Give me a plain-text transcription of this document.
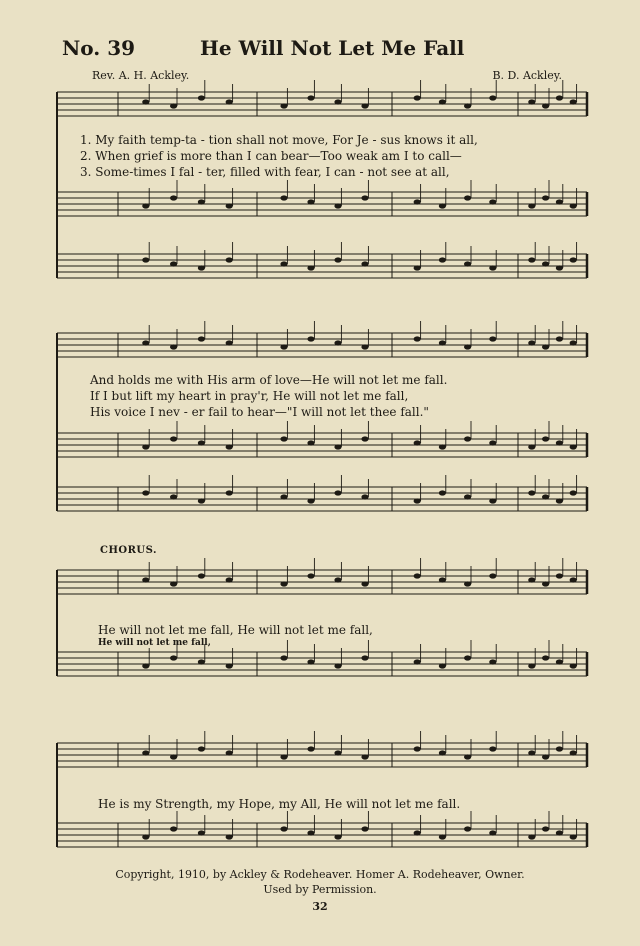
No. 39	He Will Not Let Me Fall
Rev. A. H. Ackley.	B. D. Ackley.
1. My faith temp-ta - tion shall not move, For Je - sus knows it all,
2. When grief is more than I can bear—Too weak am I to call—
3. Some-times I fal - ter, filled with fear, I can - not see at all,
And holds me with His arm of love—He will not let me fall.
If I but lift my heart in pray'r, He will not let me fall,
His voice I nev - er fail to hear—"I will not let thee fall."
CHORUS.
He will not let me fall, He will not let me fall,
He will not let me fall,
He is my Strength, my Hope, my All, He will not let me fall.
Copyright, 1910, by Ackley & Rodeheaver. Homer A. Rodeheaver, Owner.
Used by Permission.
32
